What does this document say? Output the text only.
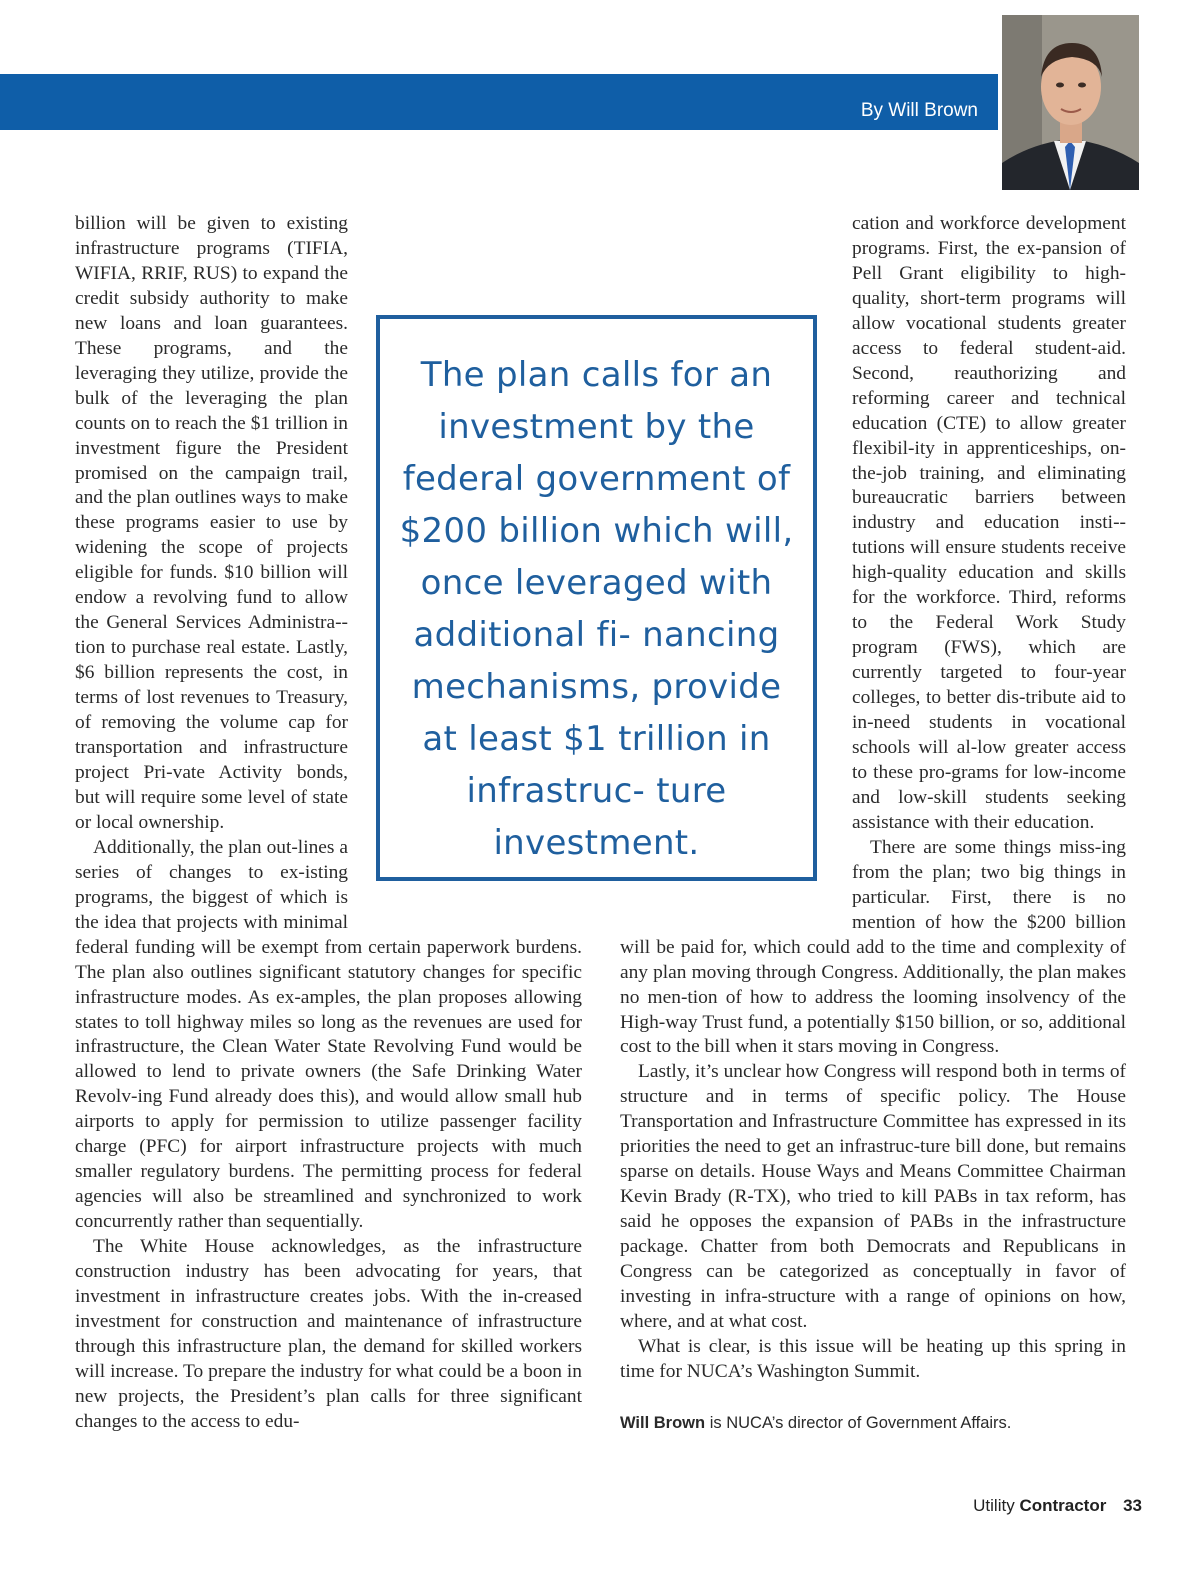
By Will Brown

billion will be given to existing infrastructure programs (TIFIA, WIFIA, RRIF, RUS) to expand the credit subsidy authority to make new loans and loan guarantees. These programs, and the leveraging they utilize, provide the bulk of the leveraging the plan counts on to reach the $1 trillion in investment figure the President promised on the campaign trail, and the plan outlines ways to make these programs easier to use by widening the scope of projects eligible for funds. $10 billion will endow a revolving fund to allow the General Services Administra-tion to purchase real estate. Lastly, $6 billion represents the cost, in terms of lost revenues to Treasury, of removing the volume cap for transportation and infrastructure project Pri-vate Activity bonds, but will require some level of state or local ownership.

Additionally, the plan out-lines a series of changes to ex-isting programs, the biggest of which is the idea that projects with minimal federal funding will be exempt from certain paperwork burdens. The plan also outlines significant statutory changes for specific infrastructure modes. As ex-amples, the plan proposes allowing states to toll highway miles so long as the revenues are used for infrastructure, the Clean Water State Revolving Fund would be allowed to lend to private owners (the Safe Drinking Water Revolv-ing Fund already does this), and would allow small hub airports to apply for permission to utilize passenger facility charge (PFC) for airport infrastructure projects with much smaller regulatory burdens. The permitting process for federal agencies will also be streamlined and synchronized to work concurrently rather than sequentially.

The White House acknowledges, as the infrastructure construction industry has been advocating for years, that investment in infrastructure creates jobs. With the in-creased investment for construction and maintenance of infrastructure through this infrastructure plan, the demand for skilled workers will increase. To prepare the industry for what could be a boon in new projects, the President’s plan calls for three significant changes to the access to edu-

cation and workforce development programs. First, the ex-pansion of Pell Grant eligibility to high-quality, short-term programs will allow vocational students greater access to federal student-aid. Second, reauthorizing and reforming career and technical education (CTE) to allow greater flexibil-ity in apprenticeships, on-the-job training, and eliminating bureaucratic barriers between industry and education insti-tutions will ensure students receive high-quality education and skills for the workforce. Third, reforms to the Federal Work Study program (FWS), which are currently targeted to four-year colleges, to better dis-tribute aid to in-need students in vocational schools will al-low greater access to these pro-grams for low-income and low-skill students seeking assistance with their education.

There are some things miss-ing from the plan; two big things in particular. First, there is no mention of how the $200 billion will be paid for, which could add to the time and complexity of any plan moving through Congress. Additionally, the plan makes no men-tion of how to address the looming insolvency of the High-way Trust fund, a potentially $150 billion, or so, additional cost to the bill when it stars moving in Congress.

Lastly, it’s unclear how Congress will respond both in terms of structure and in terms of specific policy. The House Transportation and Infrastructure Committee has expressed in its priorities the need to get an infrastruc-ture bill done, but remains sparse on details. House Ways and Means Committee Chairman Kevin Brady (R-TX), who tried to kill PABs in tax reform, has said he opposes the expansion of PABs in the infrastructure package. Chatter from both Democrats and Republicans in Congress can be categorized as conceptually in favor of investing in infra-structure with a range of opinions on how, where, and at what cost.

What is clear, is this issue will be heating up this spring in time for NUCA’s Washington Summit.

Will Brown is NUCA’s director of Government Affairs.
The plan calls for an investment by the federal government of $200 billion which will, once leveraged with additional fi- nancing mechanisms, provide at least $1 trillion in infrastruc- ture investment.
Utility Contractor 33
